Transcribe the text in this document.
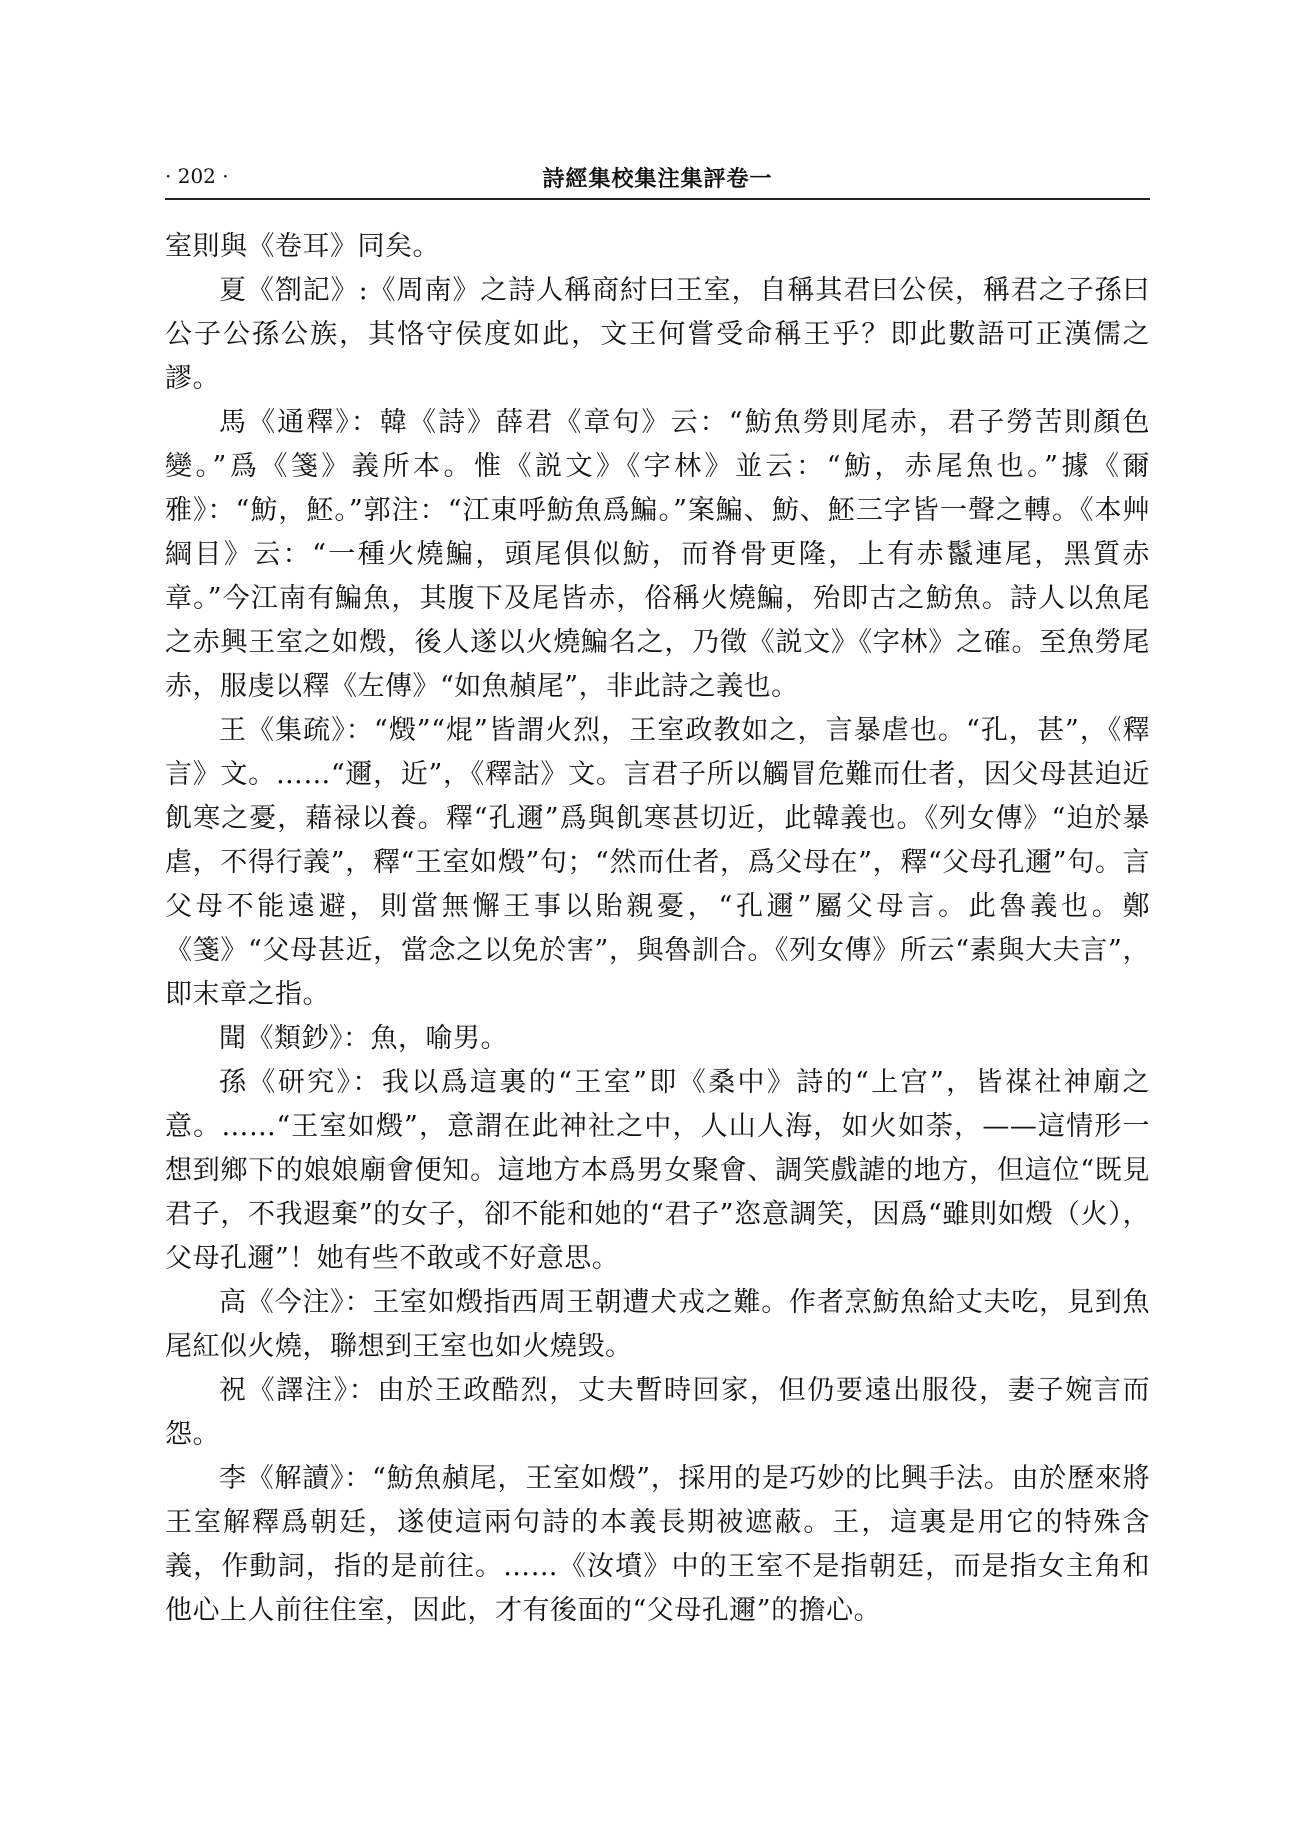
· 202 ·	詩經集校集注集評卷一

室則與《卷耳》同矣。

夏《劄記》:《周南》之詩人稱商紂曰王室，自稱其君曰公侯，稱君之子孫曰公子公孫公族，其恪守侯度如此，文王何嘗受命稱王乎？即此數語可正漢儒之謬。

馬《通釋》：韓《詩》薛君《章句》云：“魴魚勞則尾赤，君子勞苦則顏色變。”爲《箋》義所本。惟《説文》《字林》並云：“魴，赤尾魚也。”據《爾雅》：“魴，魾。”郭注：“江東呼魴魚爲鯿。”案鯿、魴、魾三字皆一聲之轉。《本艸綱目》云：“一種火燒鯿，頭尾俱似魴，而脊骨更隆，上有赤鬣連尾，黑質赤章。”今江南有鯿魚，其腹下及尾皆赤，俗稱火燒鯿，殆即古之魴魚。詩人以魚尾之赤興王室之如燬，後人遂以火燒鯿名之，乃徵《説文》《字林》之確。至魚勞尾赤，服虔以釋《左傳》“如魚赬尾”，非此詩之義也。

王《集疏》：“燬”“焜”皆謂火烈，王室政教如之，言暴虐也。“孔，甚”，《釋言》文。……“邇，近”，《釋詁》文。言君子所以觸冒危難而仕者，因父母甚迫近飢寒之憂，藉禄以養。釋“孔邇”爲與飢寒甚切近，此韓義也。《列女傳》“迫於暴虐，不得行義”，釋“王室如燬”句；“然而仕者，爲父母在”，釋“父母孔邇”句。言父母不能遠避，則當無懈王事以貽親憂，“孔邇”屬父母言。此魯義也。鄭《箋》“父母甚近，當念之以免於害”，與魯訓合。《列女傳》所云“素與大夫言”，即末章之指。

聞《類鈔》：魚，喻男。

孫《研究》：我以爲這裏的“王室”即《桑中》詩的“上宫”，皆禖社神廟之意。……“王室如燬”，意謂在此神社之中，人山人海，如火如荼，——這情形一想到鄉下的娘娘廟會便知。這地方本爲男女聚會、調笑戲謔的地方，但這位“既見君子，不我遐棄”的女子，卻不能和她的“君子”恣意調笑，因爲“雖則如燬（火），父母孔邇”！她有些不敢或不好意思。

高《今注》：王室如燬指西周王朝遭犬戎之難。作者烹魴魚給丈夫吃，見到魚尾紅似火燒，聯想到王室也如火燒毁。

祝《譯注》：由於王政酷烈，丈夫暫時回家，但仍要遠出服役，妻子婉言而怨。

李《解讀》：“魴魚赬尾，王室如燬”，採用的是巧妙的比興手法。由於歷來將王室解釋爲朝廷，遂使這兩句詩的本義長期被遮蔽。王，這裏是用它的特殊含義，作動詞，指的是前往。……《汝墳》中的王室不是指朝廷，而是指女主角和他心上人前往住室，因此，才有後面的“父母孔邇”的擔心。
